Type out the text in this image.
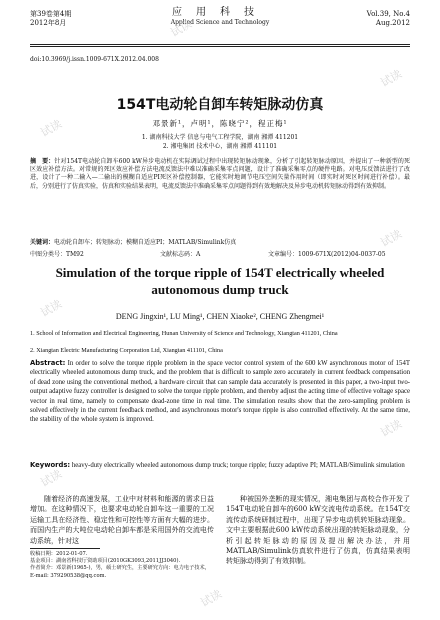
第39卷第4期
2012年8月
应用科技
Applied Science and Technology
Vol.39, No.4
Aug.2012
doi:10.3969/j.issn.1009-671X.2012.04.008
154T电动轮自卸车转矩脉动仿真
邓景新¹，卢明¹，陈晓宁²，程正梅¹
1. 湖南科技大学 信息与电气工程学院，湖南 湘潭 411201
2. 湘电集团 技术中心，湖南 湘潭 411101
摘　要：针对154T电动轮自卸车600 kW异步电动机在实际调试过程中出现转矩脉动现象，分析了引起转矩脉动原因，并提出了一种新型的死区效应补偿方法。对常规的死区效应补偿方法电流反馈法中难以准确采集零点问题，设计了准确采集零点的硬件电路。对电压反馈法进行了改进，设计了一种二输入—二输出的模糊自适应PI死区补偿控制器，它能实时地调节电压空间矢量作用时间（即实时对死区时间进行补偿）。最后，分别进行了仿真实验，仿真和实验结果表明，电流反馈法中准确采集零点问题得到有效地解决及异步电动机转矩脉动得到有效抑制。
关键词：电动轮自卸车；转矩脉动；模糊自适应PI；MATLAB/Simulink仿真
中图分类号：TM92	文献标志码：A	文章编号：1009-671X(2012)04-0037-05
Simulation of the torque ripple of 154T electrically wheeled autonomous dump truck
DENG Jingxin¹, LU Ming¹, CHEN Xiaoke², CHENG Zhengmei¹
1. School of Information and Electrical Engineering, Hunan University of Science and Technology, Xiangtan 411201, China
2. Xiangtan Electric Manufacturing Corporation Ltd, Xiangtan 411101, China
Abstract: In order to solve the torque ripple problem in the space vector control system of the 600 kW asynchronous motor of 154T electrically wheeled autonomous dump truck, and the problem that is difficult to sample zero accurately in current feedback compensation of dead zone using the conventional method, a hardware circuit that can sample data accurately is presented in this paper, a two-input two-output adaptive fuzzy controller is designed to solve the torque ripple problem, and thereby adjust the acting time of effective voltage space vector in real time, namely to compensate dead-zone time in real time. The simulation results show that the zero-sampling problem is solved effectively in the current feedback method, and asynchronous motor's torque ripple is also controlled effectively. At the same time, the stability of the whole system is improved.
Keywords: heavy-duty electrically wheeled autonomous dump truck; torque ripple; fuzzy adaptive PI; MATLAB/Simulink simulation
随着经济的高速发展，工业中对材料和能源的需求日益增加。在这种情况下，也要求电动轮自卸车这一重要的工况运输工具在经济性、稳定性和可控性等方面有大幅的进步。而国内生产的大吨位电动轮自卸车都是采用国外的交流电传动系统，针对这
种被国外垄断的现实情况，湘电集团与高校合作开发了154T电动轮自卸车的600 kW交流电传动系统。在154T交流传动系统研制过程中，出现了异步电动机转矩脉动现象。文中主要根据此600 kW传动系统出现的转矩脉动现象，分析引起转矩脉动的原因及提出解决办法，并用MATLAB/Simulink仿真软件进行了仿真，仿真结果表明转矩脉动得到了有效抑制。
收稿日期：2012-01-07.
基金项目：湖南省科技厅资助项目(2010GK3093,2011JJ3040).
作者简介：邓景新(1965-)，男，硕士研究生，主要研究方向：电力电子技术，E-mail: 379290538@qq.com.
试读
试读
试读
试读
试读
试读
试读
试读
